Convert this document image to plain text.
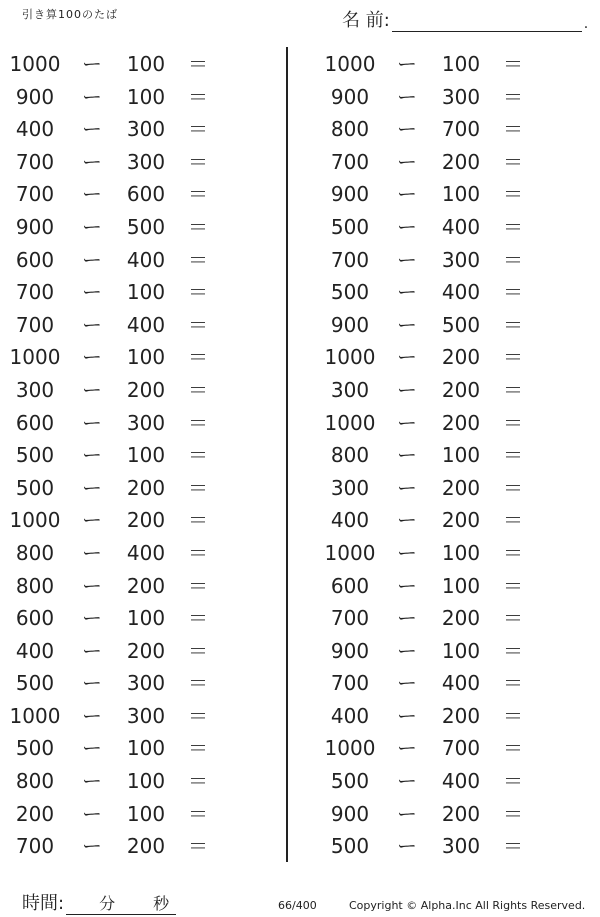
引き算100のたば	名 前:	.
1000	ー	100	＝
900	ー	100	＝
400	ー	300	＝
700	ー	300	＝
700	ー	600	＝
900	ー	500	＝
600	ー	400	＝
700	ー	100	＝
700	ー	400	＝
1000	ー	100	＝
300	ー	200	＝
600	ー	300	＝
500	ー	100	＝
500	ー	200	＝
1000	ー	200	＝
800	ー	400	＝
800	ー	200	＝
600	ー	100	＝
400	ー	200	＝
500	ー	300	＝
1000	ー	300	＝
500	ー	100	＝
800	ー	100	＝
200	ー	100	＝
700	ー	200	＝
1000	ー	100	＝
900	ー	300	＝
800	ー	700	＝
700	ー	200	＝
900	ー	100	＝
500	ー	400	＝
700	ー	300	＝
500	ー	400	＝
900	ー	500	＝
1000	ー	200	＝
300	ー	200	＝
1000	ー	200	＝
800	ー	100	＝
300	ー	200	＝
400	ー	200	＝
1000	ー	100	＝
600	ー	100	＝
700	ー	200	＝
900	ー	100	＝
700	ー	400	＝
400	ー	200	＝
1000	ー	700	＝
500	ー	400	＝
900	ー	200	＝
500	ー	300	＝
時間: 分 秒	66/400	Copyright © Alpha.Inc All Rights Reserved.
